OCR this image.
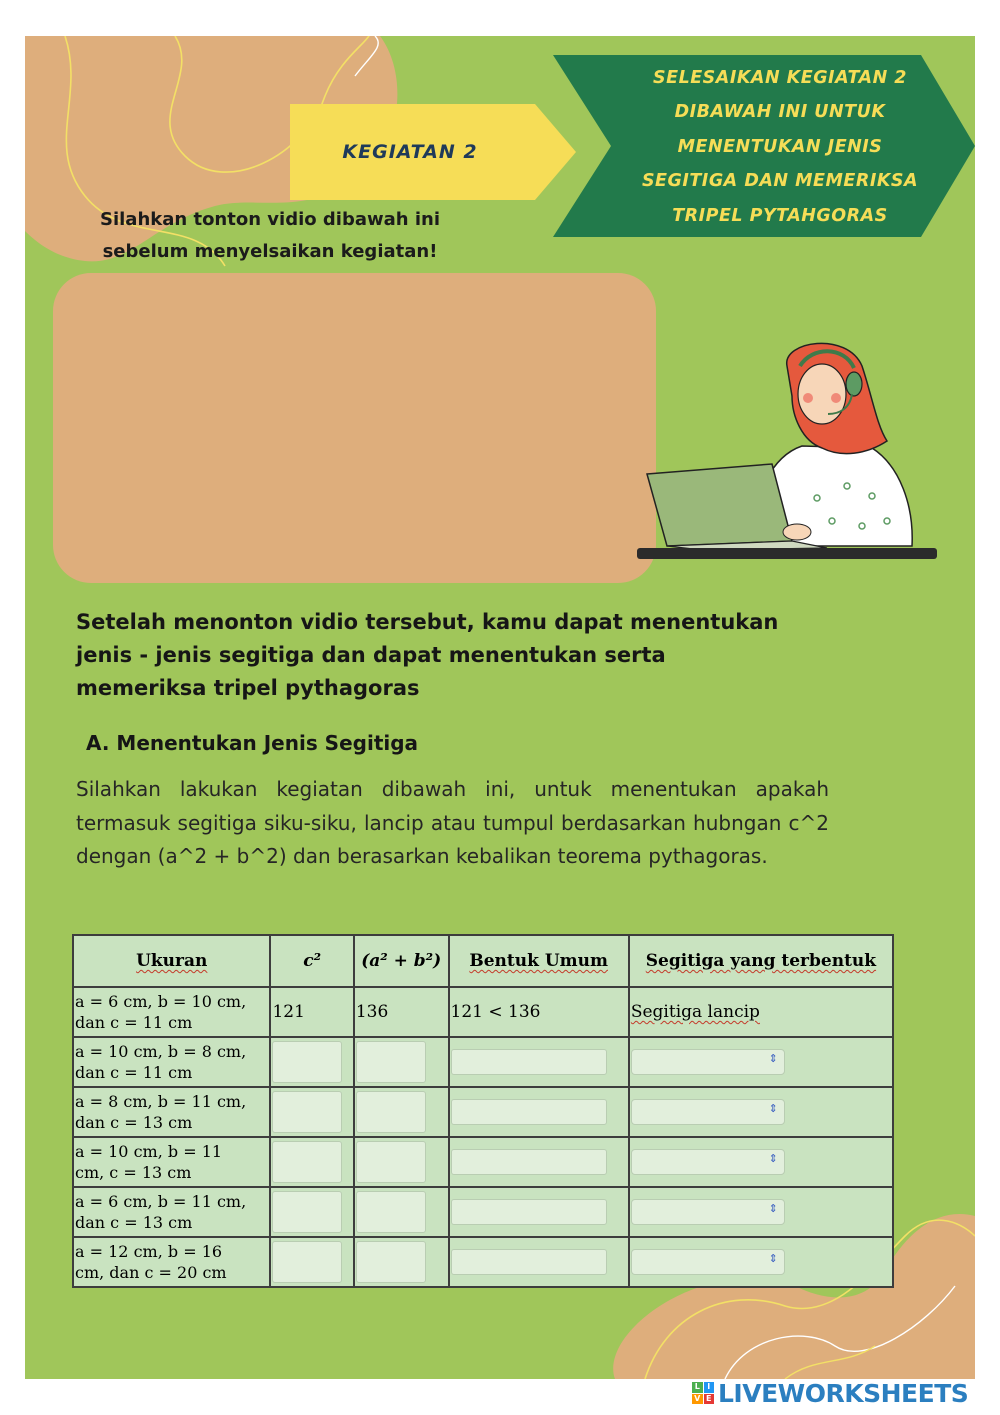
KEGIATAN 2
SELESAIKAN KEGIATAN 2
DIBAWAH INI UNTUK
MENENTUKAN JENIS
SEGITIGA DAN MEMERIKSA
TRIPEL PYTAHGORAS
Silahkan tonton vidio dibawah ini
sebelum menyelsaikan kegiatan!
Setelah menonton vidio tersebut, kamu dapat menentukan
jenis - jenis segitiga dan dapat menentukan serta
memeriksa tripel pythagoras
A. Menentukan Jenis Segitiga
Silahkan lakukan kegiatan dibawah ini, untuk menentukan apakah termasuk segitiga siku-siku, lancip atau tumpul berdasarkan hubngan c^2 dengan (a^2 + b^2) dan berasarkan kebalikan teorema pythagoras.
Ukuran	c²	(a² + b²)	Bentuk Umum	Segitiga yang terbentuk

a = 6 cm, b = 10 cm,
dan c = 11 cm	121	136	121 < 136	Segitiga lancip

a = 10 cm, b = 8 cm,
dan c = 11 cm				⇕

a = 8 cm, b = 11 cm,
dan c = 13 cm				⇕

a = 10 cm, b = 11
cm, c = 13 cm				⇕

a = 6 cm, b = 11 cm,
dan c = 13 cm				⇕

a = 12 cm, b = 16
cm, dan c = 20 cm				⇕
L I
V E LIVEWORKSHEETS
